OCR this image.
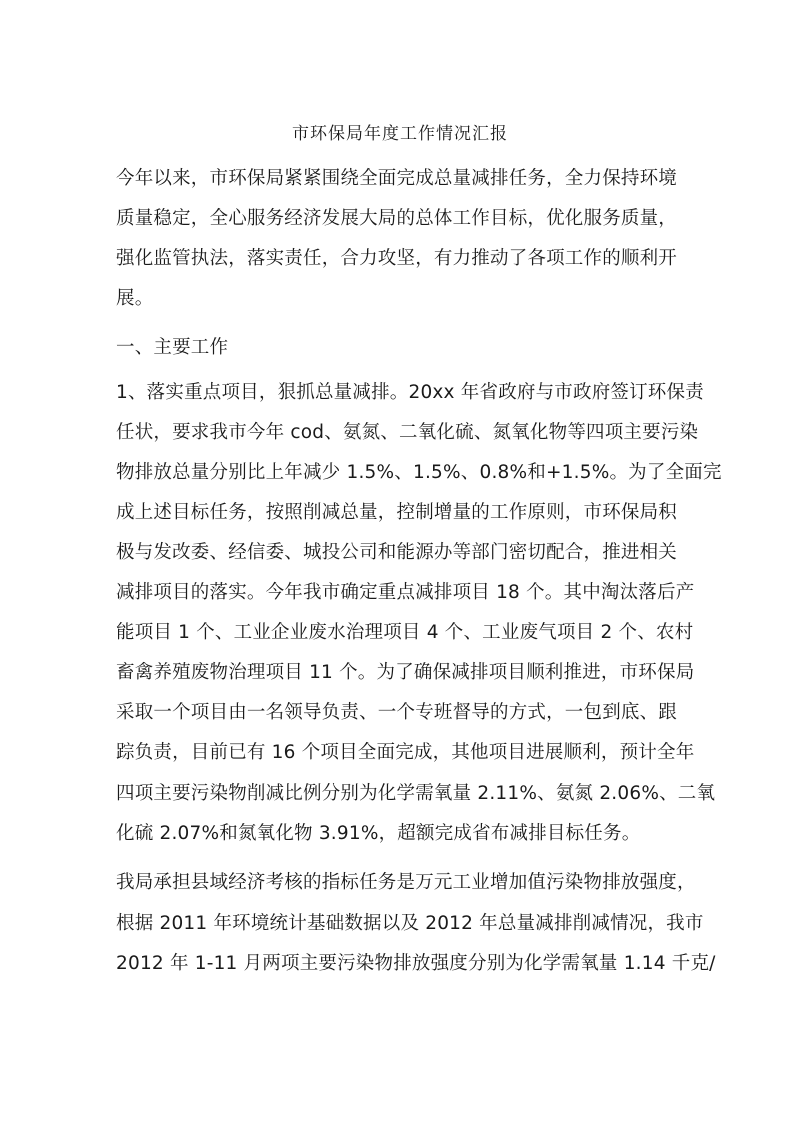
市环保局年度工作情况汇报
今年以来，市环保局紧紧围绕全面完成总量减排任务，全力保持环境
质量稳定，全心服务经济发展大局的总体工作目标，优化服务质量，
强化监管执法，落实责任，合力攻坚，有力推动了各项工作的顺利开
展。
一、主要工作
1、落实重点项目，狠抓总量减排。20xx 年省政府与市政府签订环保责
任状，要求我市今年 cod、氨氮、二氧化硫、氮氧化物等四项主要污染
物排放总量分别比上年减少 1.5%、1.5%、0.8%和+1.5%。为了全面完
成上述目标任务，按照削减总量，控制增量的工作原则，市环保局积
极与发改委、经信委、城投公司和能源办等部门密切配合，推进相关
减排项目的落实。今年我市确定重点减排项目 18 个。其中淘汰落后产
能项目 1 个、工业企业废水治理项目 4 个、工业废气项目 2 个、农村
畜禽养殖废物治理项目 11 个。为了确保减排项目顺利推进，市环保局
采取一个项目由一名领导负责、一个专班督导的方式，一包到底、跟
踪负责，目前已有 16 个项目全面完成，其他项目进展顺利，预计全年
四项主要污染物削减比例分别为化学需氧量 2.11%、氨氮 2.06%、二氧
化硫 2.07%和氮氧化物 3.91%，超额完成省布减排目标任务。
我局承担县域经济考核的指标任务是万元工业增加值污染物排放强度，
根据 2011 年环境统计基础数据以及 2012 年总量减排削减情况，我市
2012 年 1-11 月两项主要污染物排放强度分别为化学需氧量 1.14 千克/
